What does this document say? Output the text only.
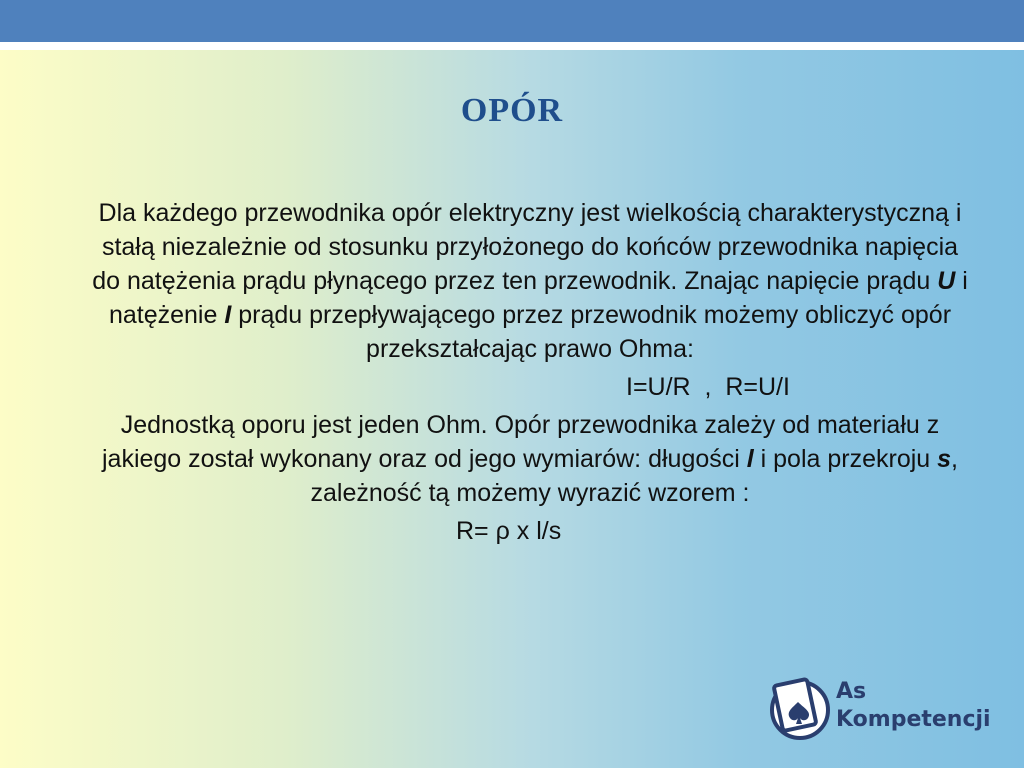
OPÓR

Dla każdego przewodnika opór elektryczny jest wielkością charakterystyczną i stałą niezależnie od stosunku przyłożonego do końców przewodnika napięcia do natężenia prądu płynącego przez ten przewodnik. Znając napięcie prądu U i natężenie I prądu przepływającego przez przewodnik możemy obliczyć opór przekształcając prawo Ohma:

I=U/R  ,  R=U/I

Jednostką oporu jest jeden Ohm. Opór przewodnika zależy od materiału z jakiego został wykonany oraz od jego wymiarów: długości l i pola przekroju s, zależność tą możemy wyrazić wzorem :

R= ρ x l/s

As
Kompetencji
